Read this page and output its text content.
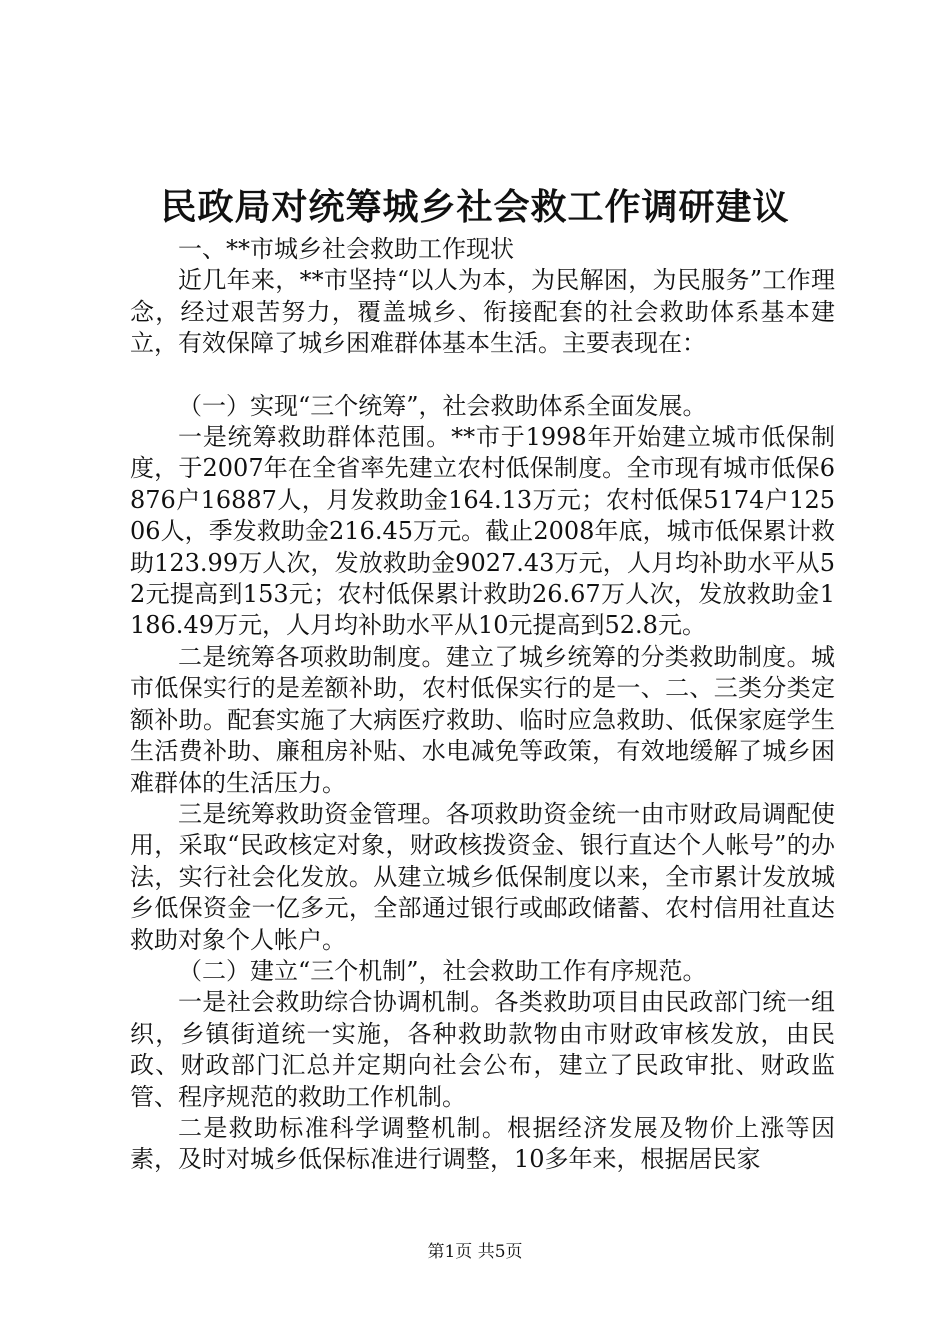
民政局对统筹城乡社会救工作调研建议

一、**市城乡社会救助工作现状

近几年来，**市坚持“以人为本，为民解困，为民服务”工作理念，经过艰苦努力，覆盖城乡、衔接配套的社会救助体系基本建立，有效保障了城乡困难群体基本生活。主要表现在：

（一）实现“三个统筹”，社会救助体系全面发展。

一是统筹救助群体范围。**市于1998年开始建立城市低保制度，于2007年在全省率先建立农村低保制度。全市现有城市低保6876户16887人，月发救助金164.13万元；农村低保5174户12506人，季发救助金216.45万元。截止2008年底，城市低保累计救助123.99万人次，发放救助金9027.43万元，人月均补助水平从52元提高到153元；农村低保累计救助26.67万人次，发放救助金1186.49万元，人月均补助水平从10元提高到52.8元。

二是统筹各项救助制度。建立了城乡统筹的分类救助制度。城市低保实行的是差额补助，农村低保实行的是一、二、三类分类定额补助。配套实施了大病医疗救助、临时应急救助、低保家庭学生生活费补助、廉租房补贴、水电减免等政策，有效地缓解了城乡困难群体的生活压力。

三是统筹救助资金管理。各项救助资金统一由市财政局调配使用，采取“民政核定对象，财政核拨资金、银行直达个人帐号”的办法，实行社会化发放。从建立城乡低保制度以来，全市累计发放城乡低保资金一亿多元，全部通过银行或邮政储蓄、农村信用社直达救助对象个人帐户。

（二）建立“三个机制”，社会救助工作有序规范。

一是社会救助综合协调机制。各类救助项目由民政部门统一组织，乡镇街道统一实施，各种救助款物由市财政审核发放，由民政、财政部门汇总并定期向社会公布，建立了民政审批、财政监管、程序规范的救助工作机制。

二是救助标准科学调整机制。根据经济发展及物价上涨等因素，及时对城乡低保标准进行调整，10多年来，根据居民家

第1页 共5页
